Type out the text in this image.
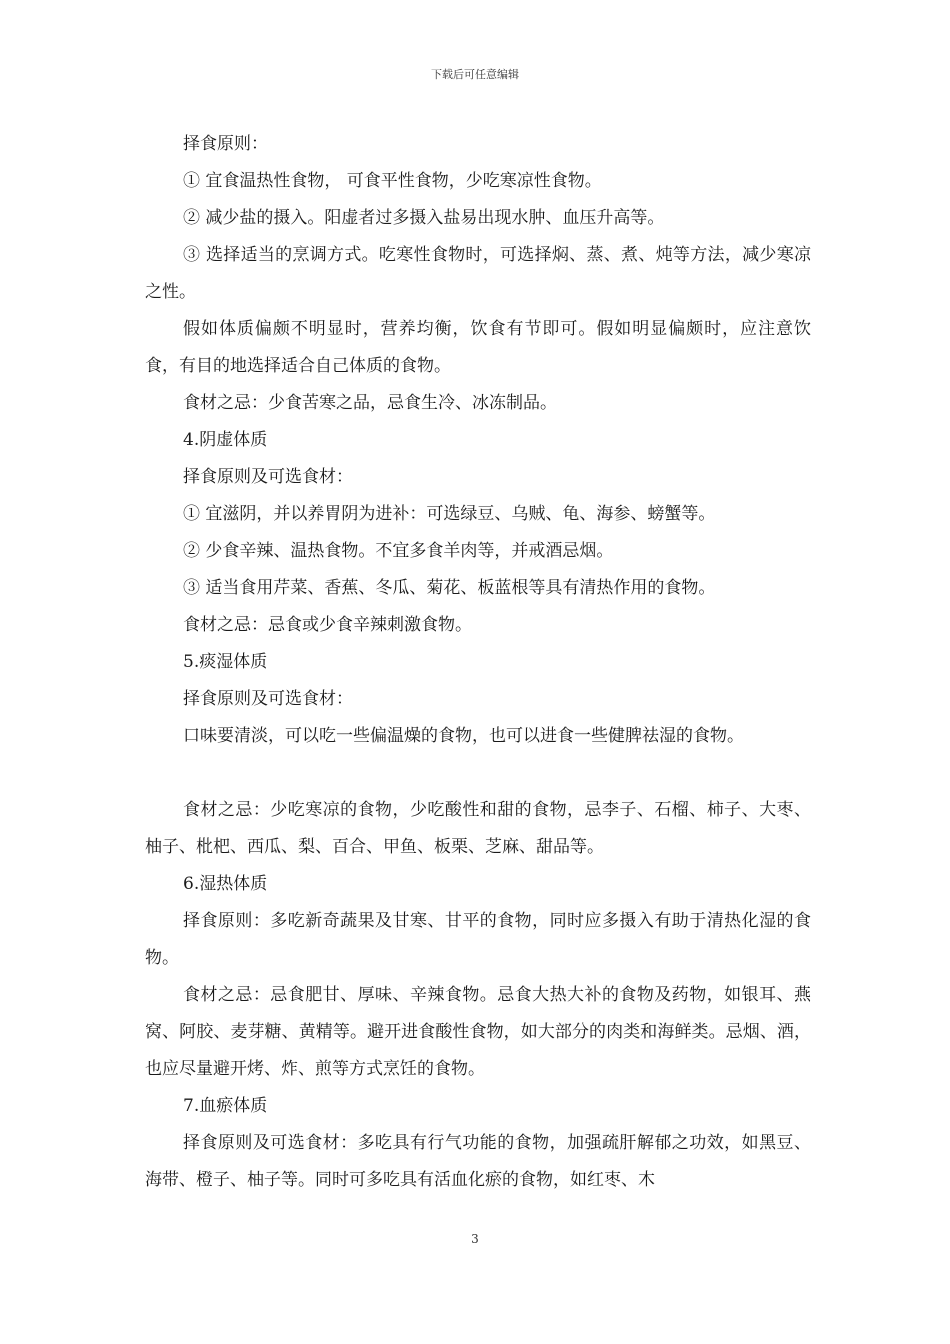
下载后可任意编辑

择食原则：

① 宜食温热性食物， 可食平性食物，少吃寒凉性食物。

② 减少盐的摄入。阳虚者过多摄入盐易出现水肿、血压升高等。

③ 选择适当的烹调方式。吃寒性食物时，可选择焖、蒸、煮、炖等方法，减少寒凉之性。

假如体质偏颇不明显时，营养均衡，饮食有节即可。假如明显偏颇时，应注意饮食，有目的地选择适合自己体质的食物。

食材之忌：少食苦寒之品，忌食生冷、冰冻制品。

4.阴虚体质

择食原则及可选食材：

① 宜滋阴，并以养胃阴为进补：可选绿豆、乌贼、龟、海参、螃蟹等。

② 少食辛辣、温热食物。不宜多食羊肉等，并戒酒忌烟。

③ 适当食用芹菜、香蕉、冬瓜、菊花、板蓝根等具有清热作用的食物。

食材之忌：忌食或少食辛辣刺激食物。

5.痰湿体质

择食原则及可选食材：

口味要清淡，可以吃一些偏温燥的食物，也可以进食一些健脾祛湿的食物。

食材之忌：少吃寒凉的食物，少吃酸性和甜的食物，忌李子、石榴、柿子、大枣、柚子、枇杷、西瓜、梨、百合、甲鱼、板栗、芝麻、甜品等。

6.湿热体质

择食原则：多吃新奇蔬果及甘寒、甘平的食物，同时应多摄入有助于清热化湿的食物。

食材之忌：忌食肥甘、厚味、辛辣食物。忌食大热大补的食物及药物，如银耳、燕窝、阿胶、麦芽糖、黄精等。避开进食酸性食物，如大部分的肉类和海鲜类。忌烟、酒，也应尽量避开烤、炸、煎等方式烹饪的食物。

7.血瘀体质

择食原则及可选食材：多吃具有行气功能的食物，加强疏肝解郁之功效，如黑豆、海带、橙子、柚子等。同时可多吃具有活血化瘀的食物，如红枣、木

3
